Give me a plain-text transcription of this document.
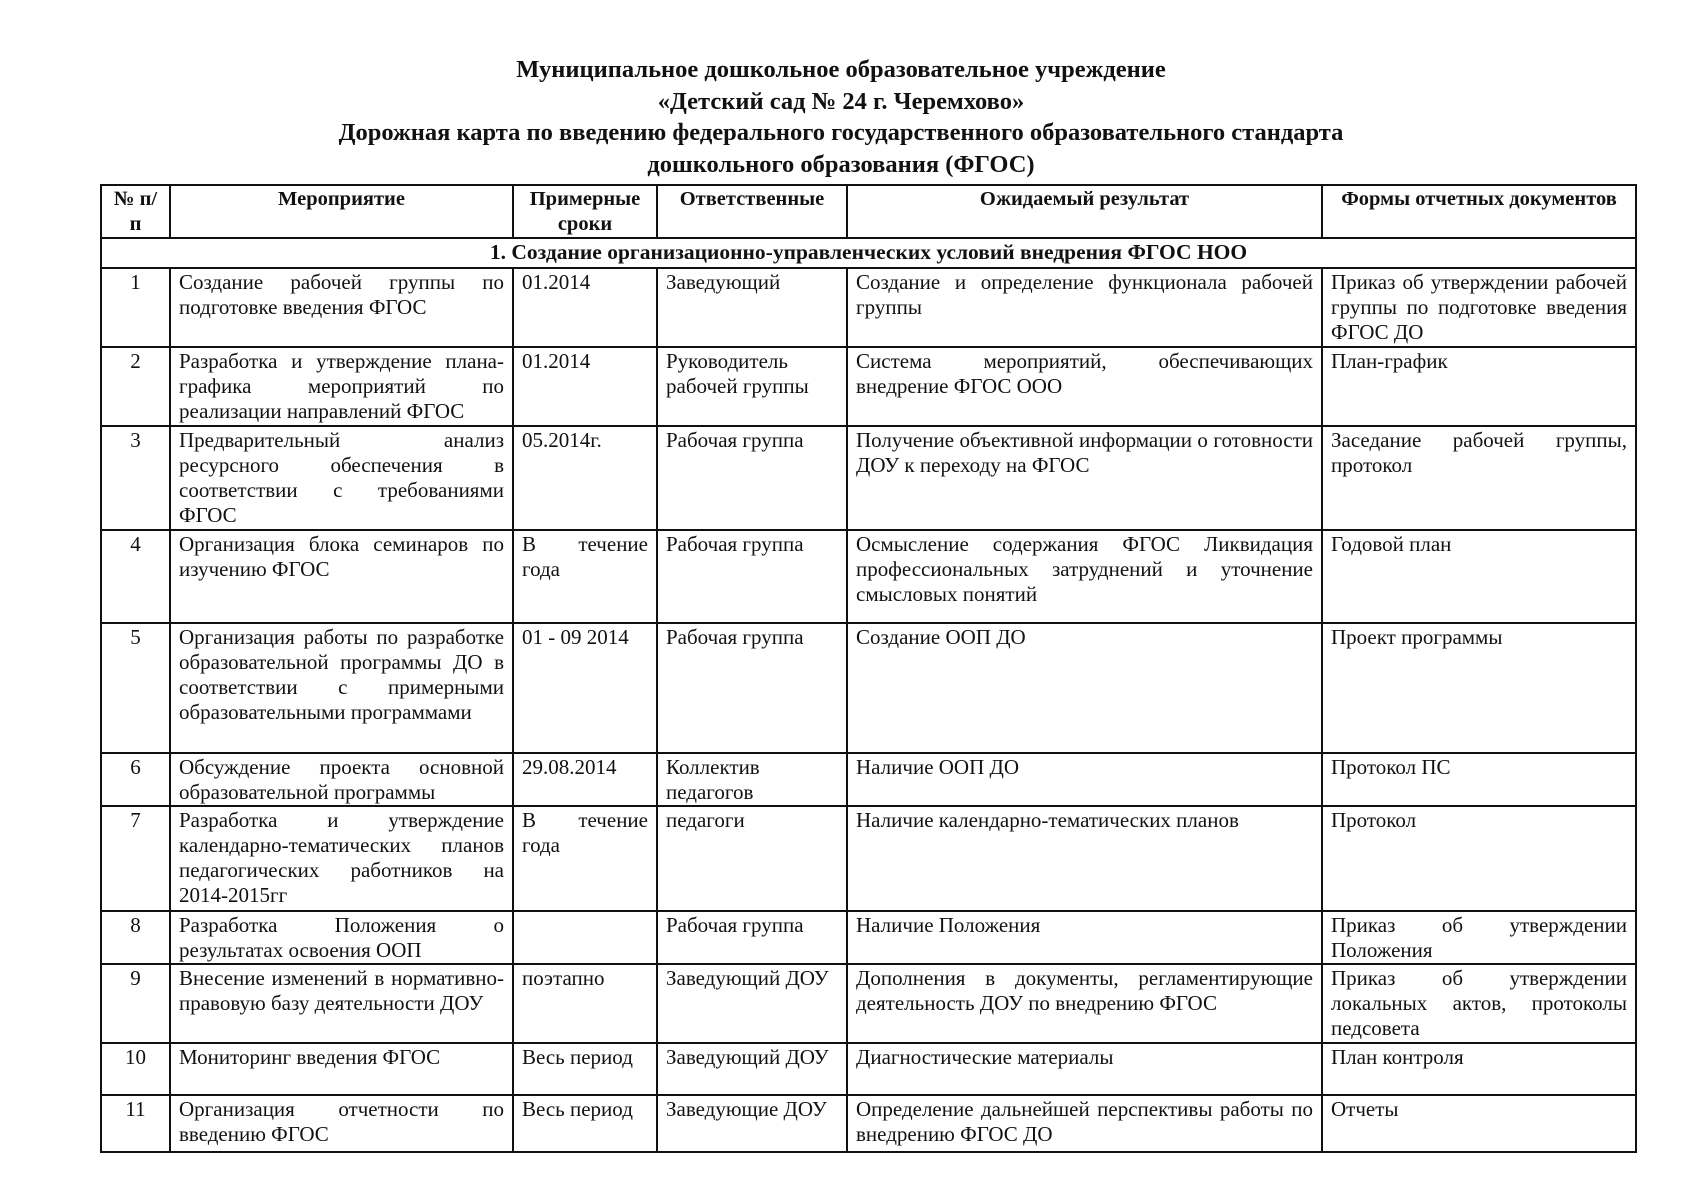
Муниципальное дошкольное образовательное учреждение
«Детский сад № 24 г. Черемхово»
Дорожная карта по введению федерального государственного образовательного стандарта
дошкольного образования (ФГОС)
№ п/п	Мероприятие	Примерные сроки	Ответственные	Ожидаемый результат	Формы отчетных документов
1. Создание организационно-управленческих условий внедрения ФГОС НОО					
1	Создание рабочей группы по подготовке введения ФГОС	01.2014	Заведующий	Создание и определение функционала рабочей группы	Приказ об утверждении рабочей группы по подготовке введения ФГОС ДО
2	Разработка и утверждение плана-графика мероприятий по реализации направлений ФГОС	01.2014	Руководитель рабочей группы	Система мероприятий, обеспечивающих внедрение ФГОС ООО	План-график
3	Предварительный анализ ресурсного обеспечения в соответствии с требованиями ФГОС	05.2014г.	Рабочая группа	Получение объективной информации о готовности ДОУ к переходу на ФГОС	Заседание рабочей группы, протокол
4	Организация блока семинаров по изучению ФГОС	В течение года	Рабочая группа	Осмысление содержания ФГОС Ликвидация профессиональных затруднений и уточнение смысловых понятий	Годовой план
5	Организация работы по разработке образовательной программы ДО в соответствии с примерными образовательными программами	01 - 09 2014	Рабочая группа	Создание ООП ДО	Проект программы
6	Обсуждение проекта основной образовательной программы	29.08.2014	Коллектив педагогов	Наличие ООП ДО	Протокол ПС
7	Разработка и утверждение календарно-тематических планов педагогических работников на 2014-2015гг	В течение года	педагоги	Наличие календарно-тематических планов	Протокол
8	Разработка Положения о результатах освоения ООП		Рабочая группа	Наличие Положения	Приказ об утверждении Положения
9	Внесение изменений в нормативно-правовую базу деятельности ДОУ	поэтапно	Заведующий ДОУ	Дополнения в документы, регламентирующие деятельность ДОУ по внедрению ФГОС	Приказ об утверждении локальных актов, протоколы педсовета
10	Мониторинг введения ФГОС	Весь период	Заведующий ДОУ	Диагностические материалы	План контроля
11	Организация отчетности по введению ФГОС	Весь период	Заведующие ДОУ	Определение дальнейшей перспективы работы по внедрению ФГОС ДО	Отчеты
